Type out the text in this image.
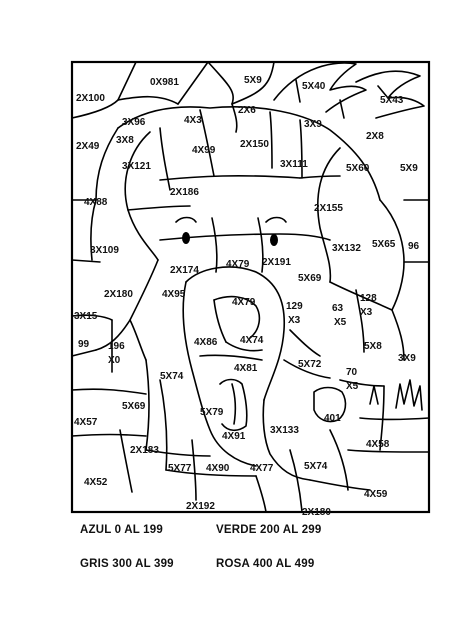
0X981	5X9
2X100
5X40
5X43
3X96	4X3
2X6
3X9
2X49
3X8
4X99
2X150
2X8
3X121	3X111	5X60	5X9
2X186
4X88
2X155
3X109	3X132 5X65 96
2X174
4X79 2X191
5X69
2X180	4X95
4X79	129
X3
63
X5
128
X3
3X15
4X86 4X74
99 196
X0
5X8
3X9
4X81	5X72
5X74	70
X5
5X69
5X79
401
4X57
4X91
3X133
2X183
4X58
5X77 4X90 4X77	5X74
4X52
4X59
2X192
2X180
AZUL 0 AL 199	VERDE 200 AL 299
GRIS 300 AL 399	ROSA 400 AL 499
